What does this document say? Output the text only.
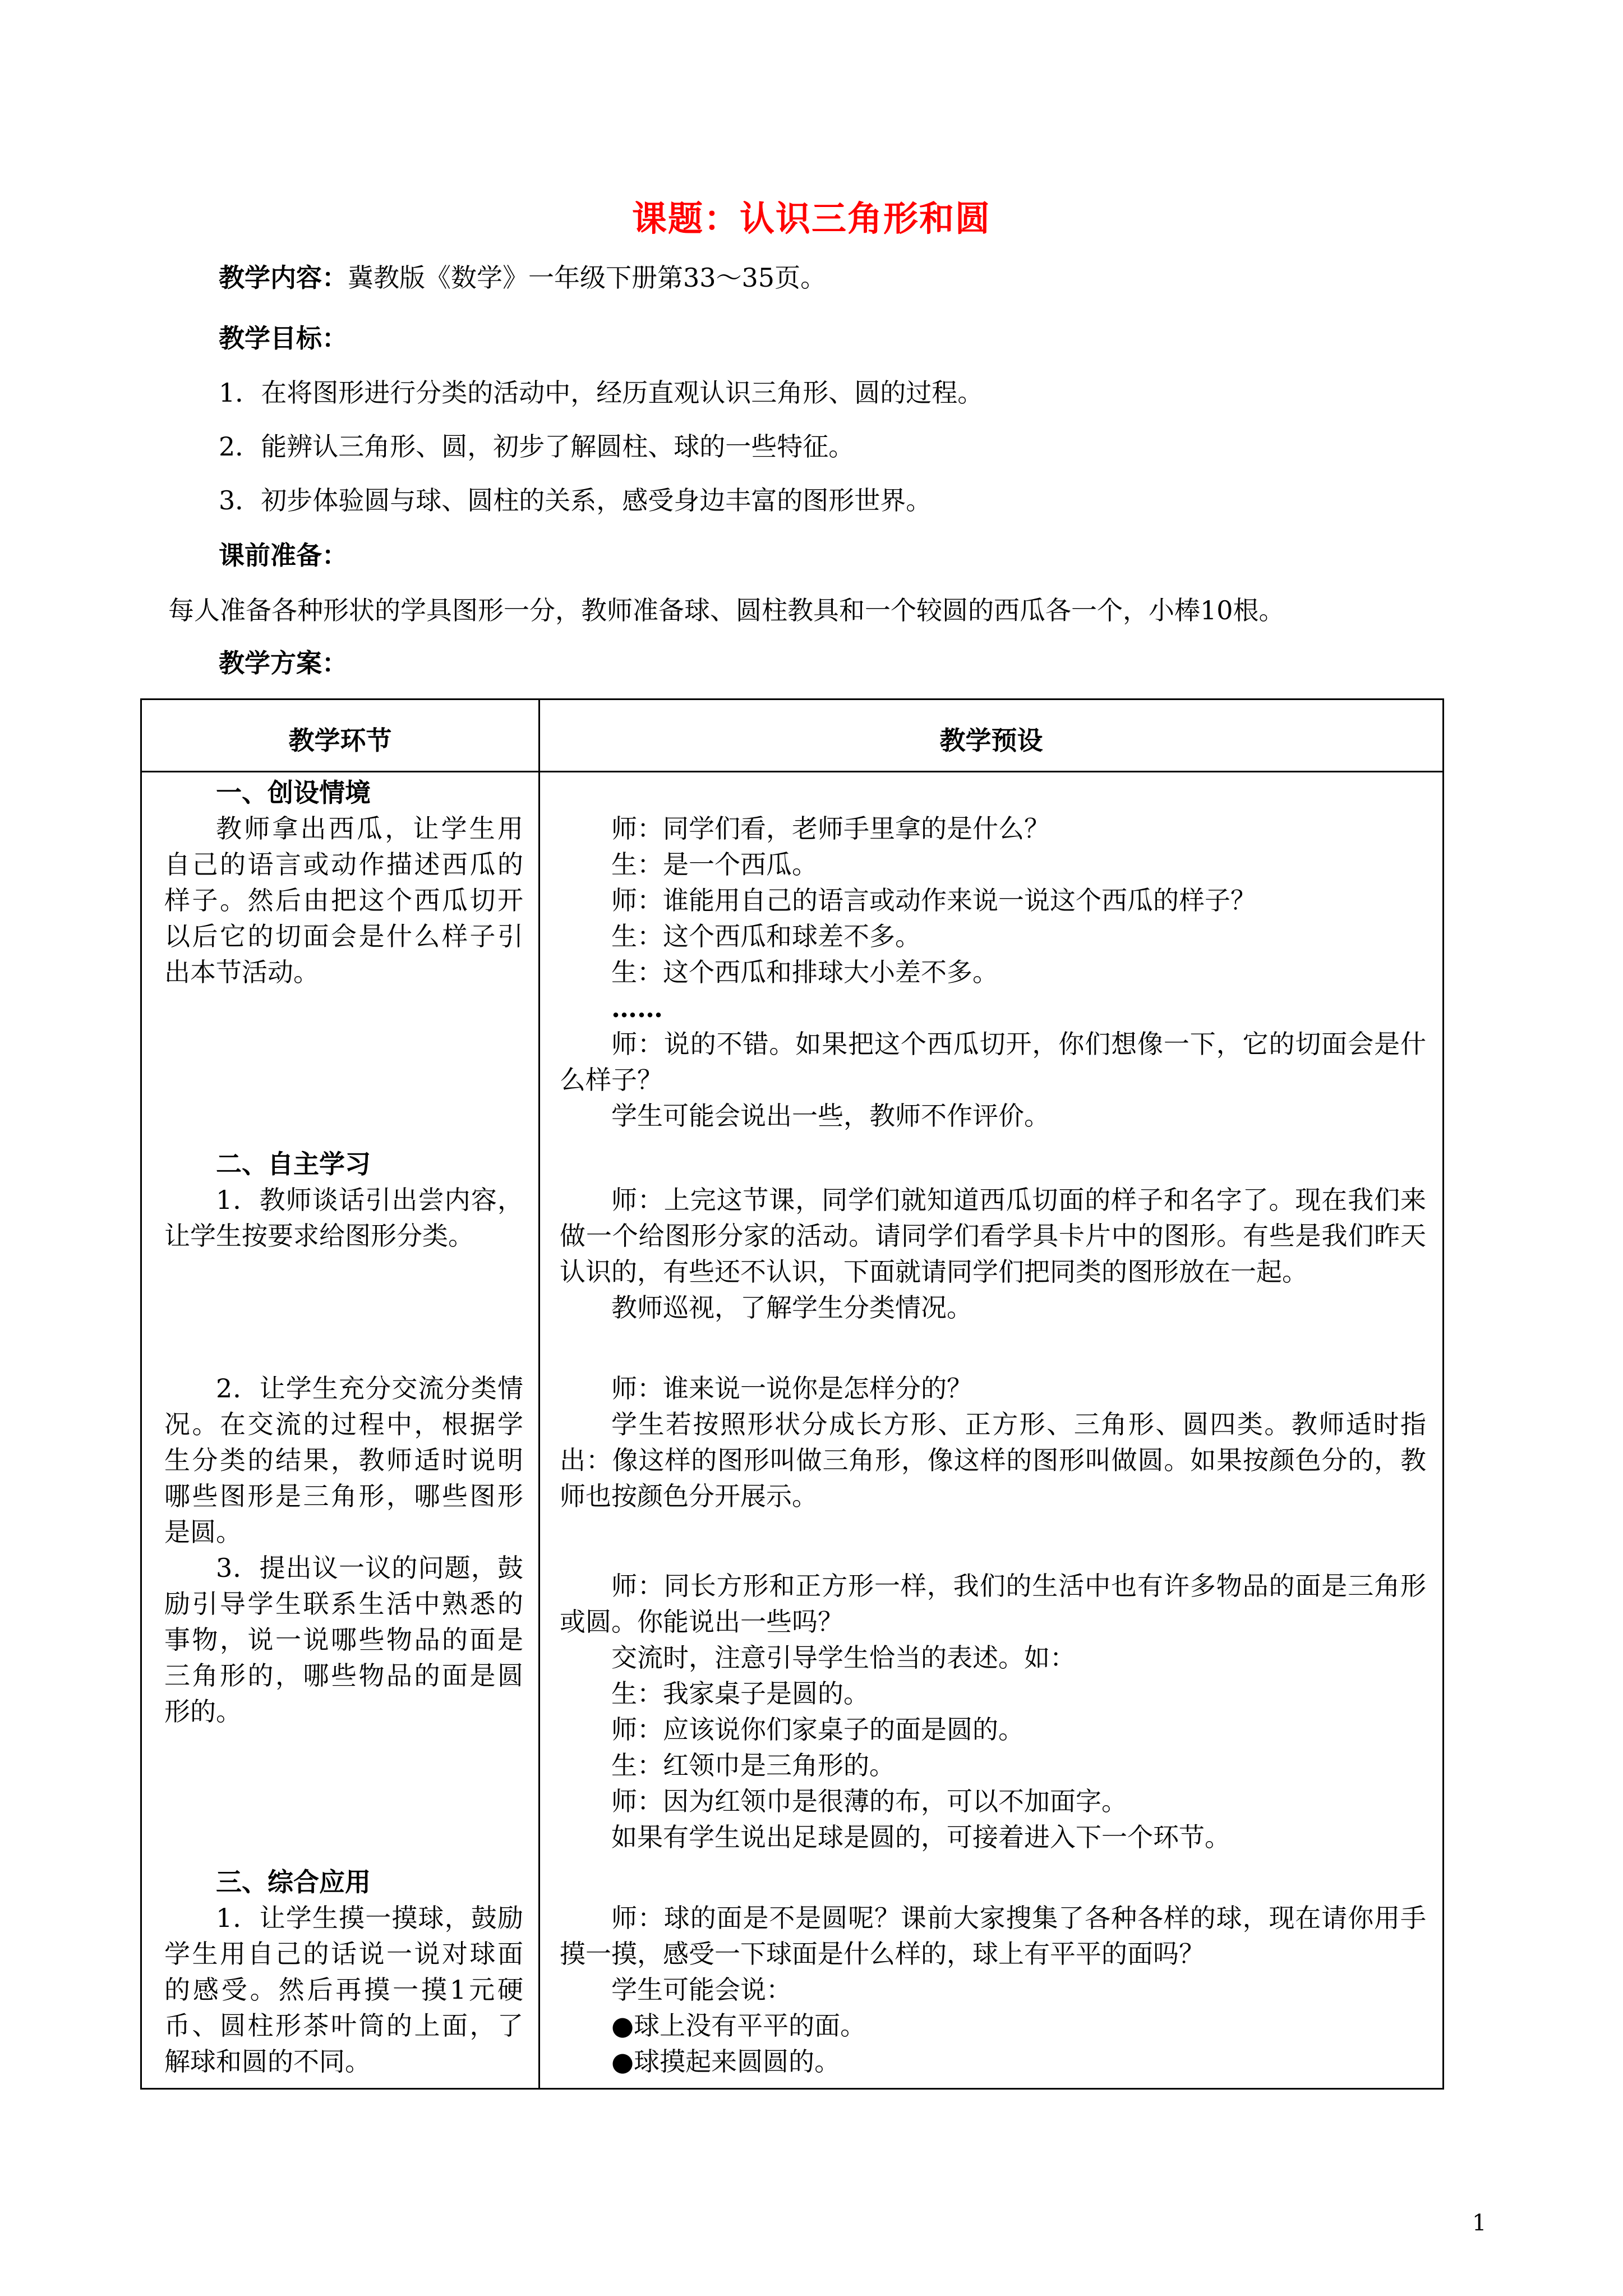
课题：认识三角形和圆
教学内容：冀教版《数学》一年级下册第33～35页。
教学目标：
1．在将图形进行分类的活动中，经历直观认识三角形、圆的过程。
2．能辨认三角形、圆，初步了解圆柱、球的一些特征。
3．初步体验圆与球、圆柱的关系，感受身边丰富的图形世界。
课前准备：
每人准备各种形状的学具图形一分，教师准备球、圆柱教具和一个较圆的西瓜各一个，小棒10根。
教学方案：
教学环节	教学预设
一、创设情境
教师拿出西瓜，让学生用自己的语言或动作描述西瓜的样子。然后由把这个西瓜切开以后它的切面会是什么样子引出本节活动。
二、自主学习
1．教师谈话引出尝内容，让学生按要求给图形分类。
2．让学生充分交流分类情况。在交流的过程中，根据学生分类的结果，教师适时说明哪些图形是三角形，哪些图形是圆。
3．提出议一议的问题，鼓励引导学生联系生活中熟悉的事物，说一说哪些物品的面是三角形的，哪些物品的面是圆形的。
三、综合应用
1．让学生摸一摸球，鼓励学生用自己的话说一说对球面的感受。然后再摸一摸1元硬币、圆柱形茶叶筒的上面，了解球和圆的不同。
师：同学们看，老师手里拿的是什么？
生：是一个西瓜。
师：谁能用自己的语言或动作来说一说这个西瓜的样子？
生：这个西瓜和球差不多。
生：这个西瓜和排球大小差不多。
……
师：说的不错。如果把这个西瓜切开，你们想像一下，它的切面会是什么样子？
学生可能会说出一些，教师不作评价。
师：上完这节课，同学们就知道西瓜切面的样子和名字了。现在我们来做一个给图形分家的活动。请同学们看学具卡片中的图形。有些是我们昨天认识的，有些还不认识，下面就请同学们把同类的图形放在一起。
教师巡视，了解学生分类情况。
师：谁来说一说你是怎样分的？
学生若按照形状分成长方形、正方形、三角形、圆四类。教师适时指出：像这样的图形叫做三角形，像这样的图形叫做圆。如果按颜色分的，教师也按颜色分开展示。
师：同长方形和正方形一样，我们的生活中也有许多物品的面是三角形或圆。你能说出一些吗？
交流时，注意引导学生恰当的表述。如：
生：我家桌子是圆的。
师：应该说你们家桌子的面是圆的。
生：红领巾是三角形的。
师：因为红领巾是很薄的布，可以不加面字。
如果有学生说出足球是圆的，可接着进入下一个环节。
师：球的面是不是圆呢？课前大家搜集了各种各样的球，现在请你用手摸一摸，感受一下球面是什么样的，球上有平平的面吗？
学生可能会说：
●球上没有平平的面。
●球摸起来圆圆的。
1
